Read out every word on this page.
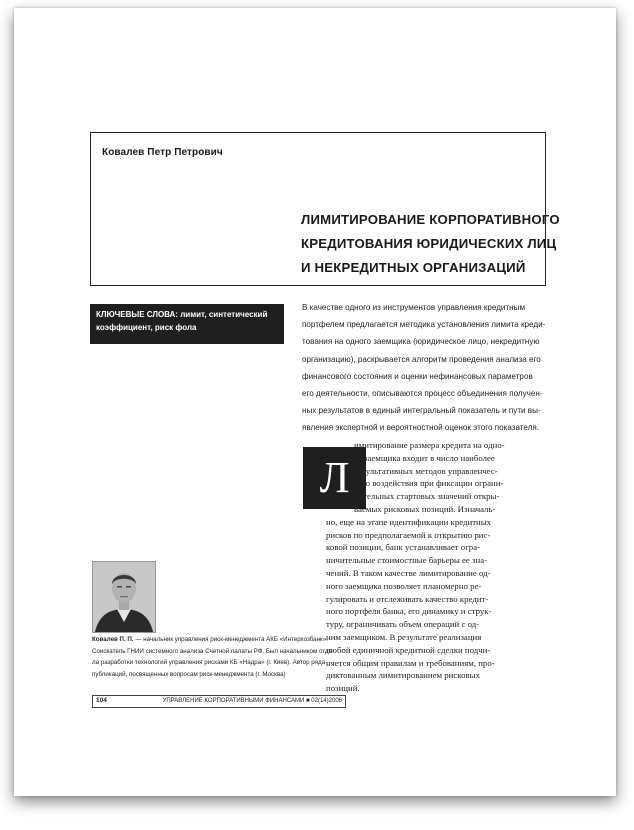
Ковалев Петр Петрович
ЛИМИТИРОВАНИЕ КОРПОРАТИВНОГО
КРЕДИТОВАНИЯ ЮРИДИЧЕСКИХ ЛИЦ
И НЕКРЕДИТНЫХ ОРГАНИЗАЦИЙ
КЛЮЧЕВЫЕ СЛОВА: лимит, синтетический
коэффициент, риск фола
В качестве одного из инструментов управления кредитным
портфелем предлагается методика установления лимита креди-
тования на одного заемщика (юридическое лицо, некредитную
организацию), раскрывается алгоритм проведения анализа его
финансового состояния и оценки нефинансовых параметров
его деятельности, описываются процесс объединения получен-
ных результатов в единый интегральный показатель и пути вы-
явления экспертной и вероятностной оценок этого показателя.
Л
имитирование размера кредита на одно-
го заемщика входит в число наиболее
результативных методов управленчес-
кого воздействия при фиксации ограни-
чительных стартовых значений откры-
ваемых рисковых позиций. Изначаль-
но, еще на этапе идентификации кредитных
рисков по предполагаемой к открытию рис-
ковой позиции, банк устанавливает огра-
ничительные стоимостные барьеры ее зна-
чений. В таком качестве лимитирование од-
ного заемщика позволяет планомерно ре-
гулировать и отслеживать качество кредит-
ного портфеля банка, его динамику и струк-
туру, ограничивать объем операций с од-
ним заемщиком. В результате реализация
любой единичной кредитной сделки подчи-
няется общим правилам и требованиям, про-
диктованным лимитированием рисковых
позиций.
Ковалев П. П. — начальник управления риск-менеджмента АКБ «Интерхозбанк».
Соискатель ГНИИ системного анализа Счетной палаты РФ. Был начальником отде-
ла разработки технологий управления рисками КБ «Надра» (г. Киев). Автор ряда
публикаций, посвященных вопросам риск-менеджмента (г. Москва)
104	УПРАВЛЕНИЕ КОРПОРАТИВНЫМИ ФИНАНСАМИ ■ 02(14)2006
